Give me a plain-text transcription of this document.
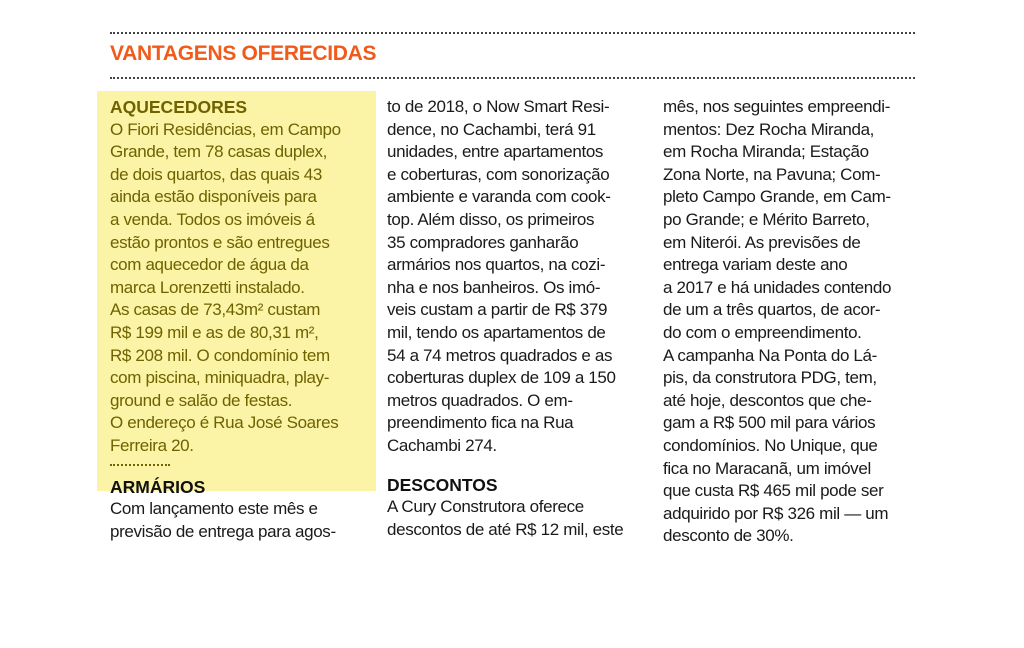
VANTAGENS OFERECIDAS
AQUECEDORES
O Fiori Residências, em Campo
Grande, tem 78 casas duplex,
de dois quartos, das quais 43
ainda estão disponíveis para
a venda. Todos os imóveis á
estão prontos e são entregues
com aquecedor de água da
marca Lorenzetti instalado.
As casas de 73,43m² custam
R$ 199 mil e as de 80,31 m²,
R$ 208 mil. O condomínio tem
com piscina, miniquadra, play-
ground e salão de festas.
O endereço é Rua José Soares
Ferreira 20.
ARMÁRIOS
Com lançamento este mês e
previsão de entrega para agos-
to de 2018, o Now Smart Resi-
dence, no Cachambi, terá 91
unidades, entre apartamentos
e coberturas, com sonorização
ambiente e varanda com cook-
top. Além disso, os primeiros
35 compradores ganharão
armários nos quartos, na cozi-
nha e nos banheiros. Os imó-
veis custam a partir de R$ 379
mil, tendo os apartamentos de
54 a 74 metros quadrados e as
coberturas duplex de 109 a 150
metros quadrados. O em-
preendimento fica na Rua
Cachambi 274.
DESCONTOS
A Cury Construtora oferece
descontos de até R$ 12 mil, este
mês, nos seguintes empreendi-
mentos: Dez Rocha Miranda,
em Rocha Miranda; Estação
Zona Norte, na Pavuna; Com-
pleto Campo Grande, em Cam-
po Grande; e Mérito Barreto,
em Niterói. As previsões de
entrega variam deste ano
a 2017 e há unidades contendo
de um a três quartos, de acor-
do com o empreendimento.
A campanha Na Ponta do Lá-
pis, da construtora PDG, tem,
até hoje, descontos que che-
gam a R$ 500 mil para vários
condomínios. No Unique, que
fica no Maracanã, um imóvel
que custa R$ 465 mil pode ser
adquirido por R$ 326 mil — um
desconto de 30%.
